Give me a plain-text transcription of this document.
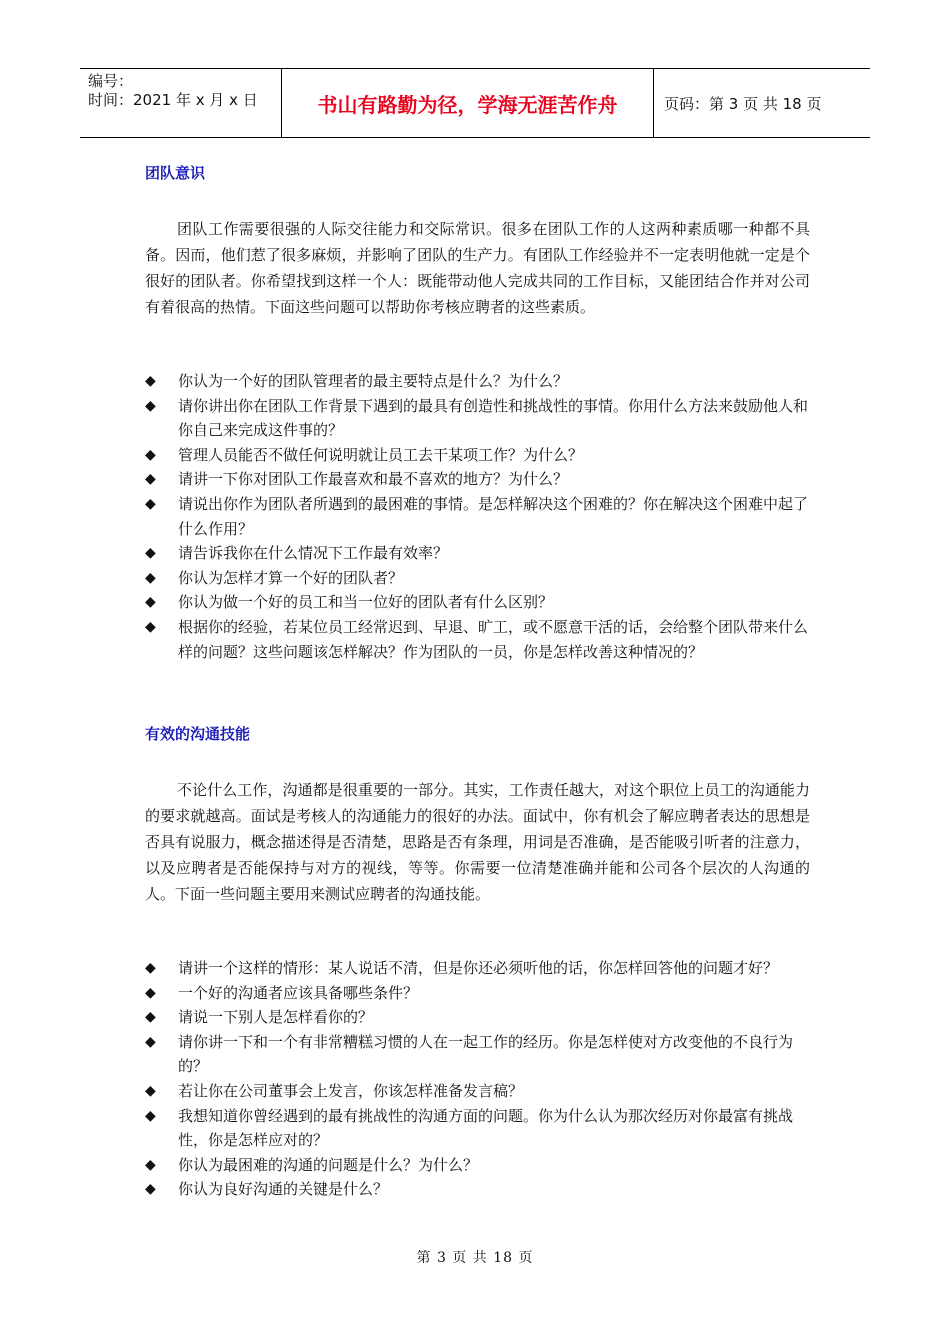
编号：
时间：2021 年 x 月 x 日	书山有路勤为径，学海无涯苦作舟	页码：第 3 页 共 18 页
团队意识

团队工作需要很强的人际交往能力和交际常识。很多在团队工作的人这两种素质哪一种都不具备。因而，他们惹了很多麻烦，并影响了团队的生产力。有团队工作经验并不一定表明他就一定是个很好的团队者。你希望找到这样一个人：既能带动他人完成共同的工作目标，又能团结合作并对公司有着很高的热情。下面这些问题可以帮助你考核应聘者的这些素质。

◆ 你认为一个好的团队管理者的最主要特点是什么？为什么？
◆ 请你讲出你在团队工作背景下遇到的最具有创造性和挑战性的事情。你用什么方法来鼓励他人和你自己来完成这件事的？
◆ 管理人员能否不做任何说明就让员工去干某项工作？为什么？
◆ 请讲一下你对团队工作最喜欢和最不喜欢的地方？为什么？
◆ 请说出你作为团队者所遇到的最困难的事情。是怎样解决这个困难的？你在解决这个困难中起了什么作用？
◆ 请告诉我你在什么情况下工作最有效率？
◆ 你认为怎样才算一个好的团队者？
◆ 你认为做一个好的员工和当一位好的团队者有什么区别？
◆ 根据你的经验，若某位员工经常迟到、早退、旷工，或不愿意干活的话，会给整个团队带来什么样的问题？这些问题该怎样解决？作为团队的一员，你是怎样改善这种情况的？
有效的沟通技能

不论什么工作，沟通都是很重要的一部分。其实，工作责任越大，对这个职位上员工的沟通能力的要求就越高。面试是考核人的沟通能力的很好的办法。面试中，你有机会了解应聘者表达的思想是否具有说服力，概念描述得是否清楚，思路是否有条理，用词是否准确，是否能吸引听者的注意力，以及应聘者是否能保持与对方的视线，等等。你需要一位清楚准确并能和公司各个层次的人沟通的人。下面一些问题主要用来测试应聘者的沟通技能。

◆ 请讲一个这样的情形：某人说话不清，但是你还必须听他的话，你怎样回答他的问题才好？
◆ 一个好的沟通者应该具备哪些条件？
◆ 请说一下别人是怎样看你的？
◆ 请你讲一下和一个有非常糟糕习惯的人在一起工作的经历。你是怎样使对方改变他的不良行为的？
◆ 若让你在公司董事会上发言，你该怎样准备发言稿？
◆ 我想知道你曾经遇到的最有挑战性的沟通方面的问题。你为什么认为那次经历对你最富有挑战性，你是怎样应对的？
◆ 你认为最困难的沟通的问题是什么？为什么？
◆ 你认为良好沟通的关键是什么？
第 3 页 共 18 页
